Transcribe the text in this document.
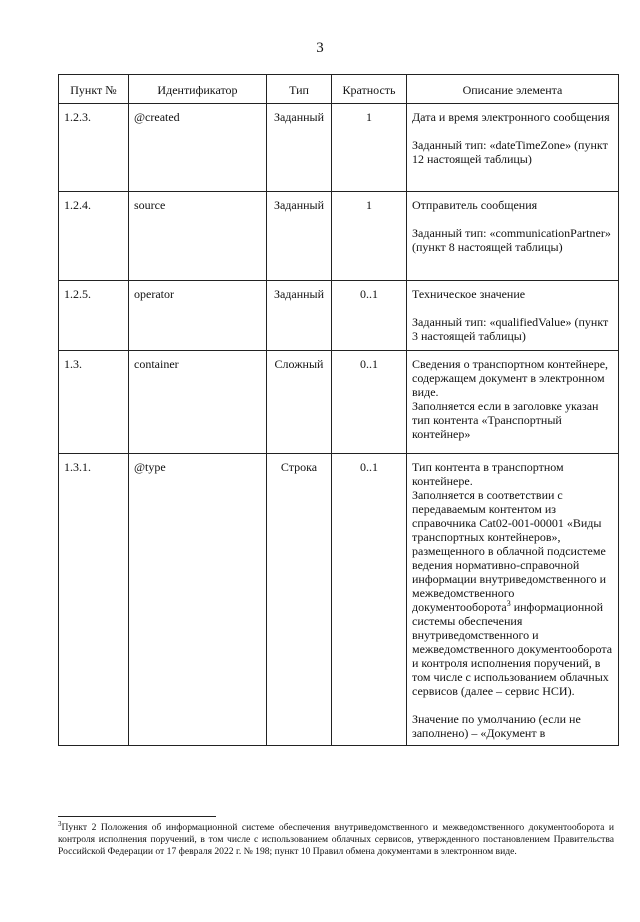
3
Пункт №	Идентификатор	Тип	Кратность	Описание элемента
1.2.3.	@created	Заданный	1	Дата и время электронного сообщения
Заданный тип: «dateTimeZone» (пункт 12 настоящей таблицы)

1.2.4.	source	Заданный	1	Отправитель сообщения
Заданный тип: «communicationPartner» (пункт 8 настоящей таблицы)

1.2.5.	operator	Заданный	0..1	Техническое значение
Заданный тип: «qualifiedValue» (пункт 3 настоящей таблицы)

1.3.	container	Сложный	0..1	Сведения о транспортном контейнере, содержащем документ в электронном виде.
Заполняется если в заголовке указан тип контента «Транспортный контейнер»

1.3.1.	@type	Строка	0..1	Тип контента в транспортном контейнере.
Заполняется в соответствии с передаваемым контентом из справочника Cat02-001-00001 «Виды транспортных контейнеров», размещенного в облачной подсистеме ведения нормативно-справочной информации внутриведомственного и межведомственного документооборота$^3$ информационной системы обеспечения внутриведомственного и межведомственного документооборота и контроля исполнения поручений, в том числе с использованием облачных сервисов (далее – сервис НСИ).
Значение по умолчанию (если не заполнено) – «Документ в
$^3$Пункт 2 Положения об информационной системе обеспечения внутриведомственного и межведомственного документооборота и контроля исполнения поручений, в том числе с использованием облачных сервисов, утвержденного постановлением Правительства Российской Федерации от 17 февраля 2022 г. № 198; пункт 10 Правил обмена документами в электронном виде.
